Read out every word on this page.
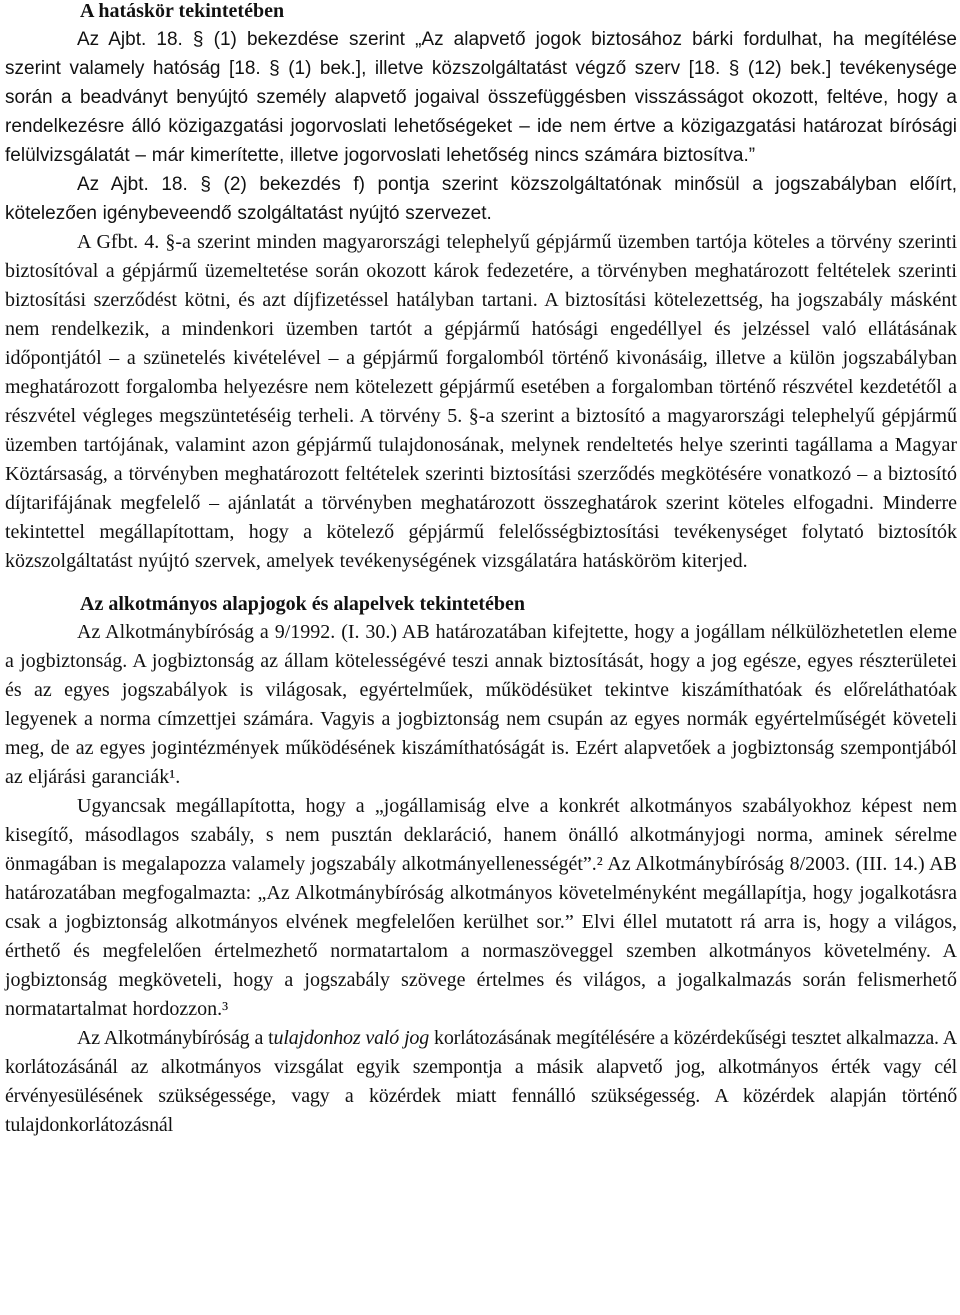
A hatáskör tekintetében

Az Ajbt. 18. § (1) bekezdése szerint „Az alapvető jogok biztosához bárki fordulhat, ha megítélése szerint valamely hatóság [18. § (1) bek.], illetve közszolgáltatást végző szerv [18. § (12) bek.] tevékenysége során a beadványt benyújtó személy alapvető jogaival összefüggésben visszásságot okozott, feltéve, hogy a rendelkezésre álló közigazgatási jogorvoslati lehetőségeket – ide nem értve a közigazgatási határozat bírósági felülvizsgálatát – már kimerítette, illetve jogorvoslati lehetőség nincs számára biztosítva.”

Az Ajbt. 18. § (2) bekezdés f) pontja szerint közszolgáltatónak minősül a jogszabályban előírt, kötelezően igénybeveendő szolgáltatást nyújtó szervezet.

A Gfbt. 4. §-a szerint minden magyarországi telephelyű gépjármű üzemben tartója köteles a törvény szerinti biztosítóval a gépjármű üzemeltetése során okozott károk fedezetére, a törvényben meghatározott feltételek szerinti biztosítási szerződést kötni, és azt díjfizetéssel hatályban tartani. A biztosítási kötelezettség, ha jogszabály másként nem rendelkezik, a mindenkori üzemben tartót a gépjármű hatósági engedéllyel és jelzéssel való ellátásának időpontjától – a szünetelés kivételével – a gépjármű forgalomból történő kivonásáig, illetve a külön jogszabályban meghatározott forgalomba helyezésre nem kötelezett gépjármű esetében a forgalomban történő részvétel kezdetétől a részvétel végleges megszüntetéséig terheli. A törvény 5. §-a szerint a biztosító a magyarországi telephelyű gépjármű üzemben tartójának, valamint azon gépjármű tulajdonosának, melynek rendeltetés helye szerinti tagállama a Magyar Köztársaság, a törvényben meghatározott feltételek szerinti biztosítási szerződés megkötésére vonatkozó – a biztosító díjtarifájának megfelelő – ajánlatát a törvényben meghatározott összeghatárok szerint köteles elfogadni. Minderre tekintettel megállapítottam, hogy a kötelező gépjármű felelősségbiztosítási tevékenységet folytató biztosítók közszolgáltatást nyújtó szervek, amelyek tevékenységének vizsgálatára hatásköröm kiterjed.

Az alkotmányos alapjogok és alapelvek tekintetében

Az Alkotmánybíróság a 9/1992. (I. 30.) AB határozatában kifejtette, hogy a jogállam nélkülözhetetlen eleme a jogbiztonság. A jogbiztonság az állam kötelességévé teszi annak biztosítását, hogy a jog egésze, egyes részterületei és az egyes jogszabályok is világosak, egyértelműek, működésüket tekintve kiszámíthatóak és előreláthatóak legyenek a norma címzettjei számára. Vagyis a jogbiztonság nem csupán az egyes normák egyértelműségét követeli meg, de az egyes jogintézmények működésének kiszámíthatóságát is. Ezért alapvetőek a jogbiztonság szempontjából az eljárási garanciák¹.

Ugyancsak megállapította, hogy a „jogállamiság elve a konkrét alkotmányos szabályokhoz képest nem kisegítő, másodlagos szabály, s nem pusztán deklaráció, hanem önálló alkotmányjogi norma, aminek sérelme önmagában is megalapozza valamely jogszabály alkotmányellenességét”.² Az Alkotmánybíróság 8/2003. (III. 14.) AB határozatában megfogalmazta: „Az Alkotmánybíróság alkotmányos követelményként megállapítja, hogy jogalkotásra csak a jogbiztonság alkotmányos elvének megfelelően kerülhet sor.” Elvi éllel mutatott rá arra is, hogy a világos, érthető és megfelelően értelmezhető normatartalom a normaszöveggel szemben alkotmányos követelmény. A jogbiztonság megköveteli, hogy a jogszabály szövege értelmes és világos, a jogalkalmazás során felismerhető normatartalmat hordozzon.³

Az Alkotmánybíróság a tulajdonhoz való jog korlátozásának megítélésére a közérdekűségi tesztet alkalmazza. A korlátozásánál az alkotmányos vizsgálat egyik szempontja a másik alapvető jog, alkotmányos érték vagy cél érvényesülésének szükségessége, vagy a közérdek miatt fennálló szükségesség. A közérdek alapján történő tulajdonkorlátozásnál
